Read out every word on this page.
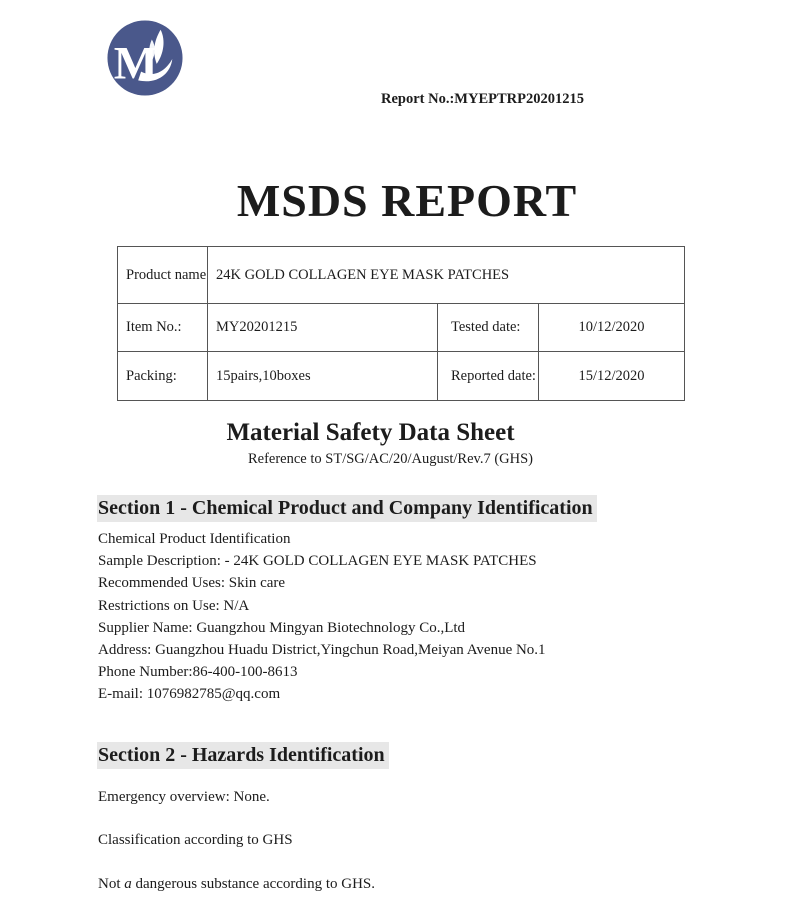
M
Report No.:MYEPTRP20201215
MSDS REPORT
Product name	24K GOLD COLLAGEN EYE MASK PATCHES		
Item No.:	MY20201215	Tested date:	10/12/2020
Packing:	15pairs,10boxes	Reported date:	15/12/2020
Material Safety Data Sheet
Reference to ST/SG/AC/20/August/Rev.7 (GHS)
Section 1 - Chemical Product and Company Identification
Chemical Product Identification
Sample Description: - 24K GOLD COLLAGEN EYE MASK PATCHES
Recommended Uses: Skin care
Restrictions on Use: N/A
Supplier Name: Guangzhou Mingyan Biotechnology Co.,Ltd
Address: Guangzhou Huadu District,Yingchun Road,Meiyan Avenue No.1
Phone Number:86-400-100-8613
E-mail: 1076982785@qq.com
Section 2 - Hazards Identification
Emergency overview: None.
Classification according to GHS
Not a dangerous substance according to GHS.
